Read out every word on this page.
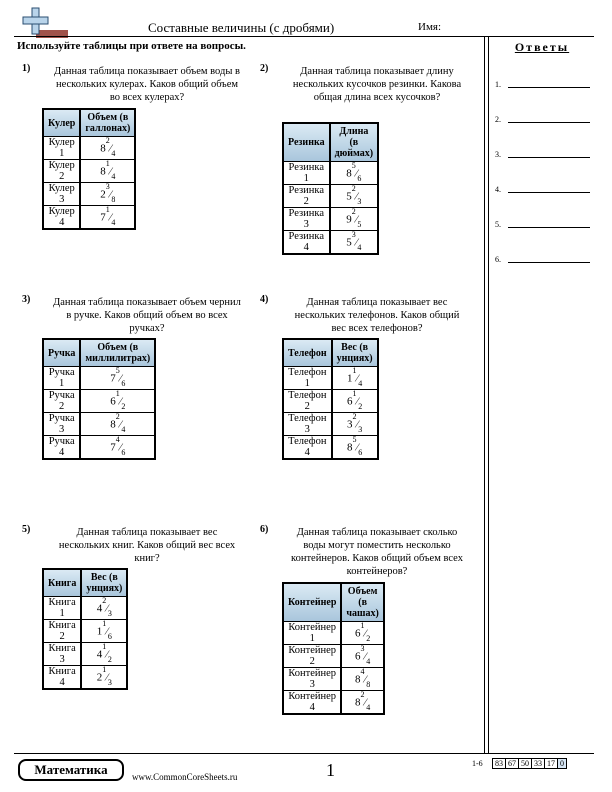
Составные величины (с дробями)	Имя:
Используйте таблицы при ответе на вопросы.	Ответы
1.
2.
3.
4.
5.
6.
1) Данная таблица показывает объем воды в нескольких кулерах. Каков общий объем во всех кулерах?
Кулер	Объем (в галлонах)
Кулер 1	$8^2⁄_4$
Кулер 2	$8^1⁄_4$
Кулер 3	$2^3⁄_8$
Кулер 4	$7^1⁄_4$
2)	Данная таблица показывает длину нескольких кусочков резинки. Какова общая длина всех кусочков?
Резинка	Длина (в дюймах)
Резинка 1	$8^5⁄_6$
Резинка 2	$5^2⁄_3$
Резинка 3	$9^2⁄_5$
Резинка 4	$5^3⁄_4$
3) Данная таблица показывает объем чернил в ручке. Каков общий объем во всех ручках?
Ручка	Объем (в миллилитрах)
Ручка 1	$7^5⁄_6$
Ручка 2	$6^1⁄_2$
Ручка 3	$8^2⁄_4$
Ручка 4	$7^4⁄_6$
4)	Данная таблица показывает вес нескольких телефонов. Каков общий вес всех телефонов?
Телефон	Вес (в унциях)
Телефон 1	$1^1⁄_4$
Телефон 2	$6^1⁄_2$
Телефон 3	$3^2⁄_3$
Телефон 4	$8^5⁄_6$
5)	Данная таблица показывает вес нескольких книг. Каков общий вес всех книг?
Книга	Вес (в унциях)
Книга 1	$4^2⁄_3$
Книга 2	$1^1⁄_6$
Книга 3	$4^1⁄_2$
Книга 4	$2^1⁄_3$
6)	Данная таблица показывает сколько воды могут поместить несколько контейнеров. Каков общий объем всех контейнеров?
Контейнер	Объем (в чашах)
Контейнер 1	$6^1⁄_2$
Контейнер 2	$6^3⁄_4$
Контейнер 3	$8^4⁄_8$
Контейнер 4	$8^2⁄_4$
Математика	www.CommonCoreSheets.ru	1	1-6	83 67 50 33 17 0
